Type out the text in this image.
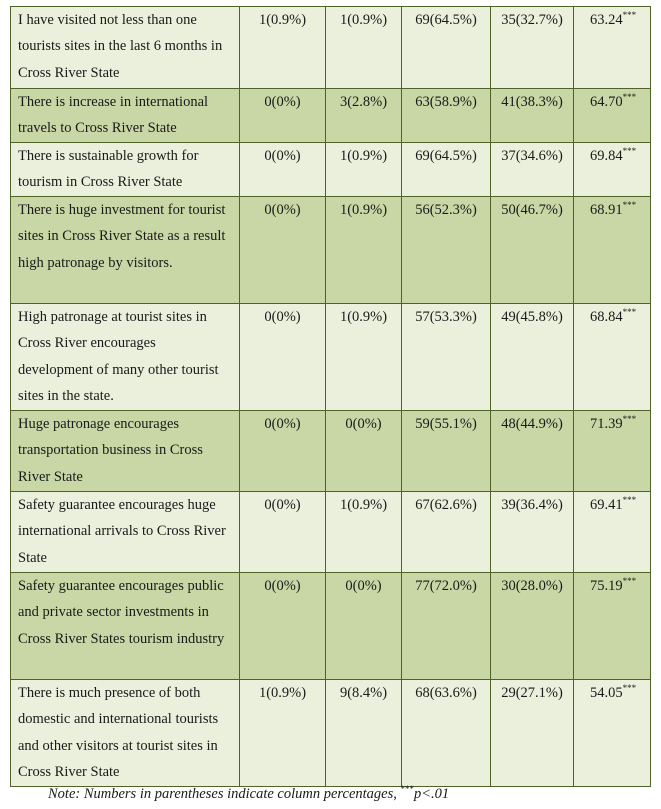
I have visited not less than one tourists sites in the last 6 months in Cross River State	1(0.9%)	1(0.9%)	69(64.5%)	35(32.7%)	63.24***
There is increase in international travels to Cross River State	0(0%)	3(2.8%)	63(58.9%)	41(38.3%)	64.70***
There is sustainable growth for tourism in Cross River State	0(0%)	1(0.9%)	69(64.5%)	37(34.6%)	69.84***
There is huge investment for tourist sites in Cross River State as a result high patronage by visitors.	0(0%)	1(0.9%)	56(52.3%)	50(46.7%)	68.91***
High patronage at tourist sites in Cross River encourages development of many other tourist sites in the state.	0(0%)	1(0.9%)	57(53.3%)	49(45.8%)	68.84***
Huge patronage encourages transportation business in Cross River State	0(0%)	0(0%)	59(55.1%)	48(44.9%)	71.39***
Safety guarantee encourages huge international arrivals to Cross River State	0(0%)	1(0.9%)	67(62.6%)	39(36.4%)	69.41***
Safety guarantee encourages public and private sector investments in Cross River States tourism industry	0(0%)	0(0%)	77(72.0%)	30(28.0%)	75.19***
There is much presence of both domestic and international tourists and other visitors at tourist sites in Cross River State	1(0.9%)	9(8.4%)	68(63.6%)	29(27.1%)	54.05***
Note: Numbers in parentheses indicate column percentages, ***p<.01
